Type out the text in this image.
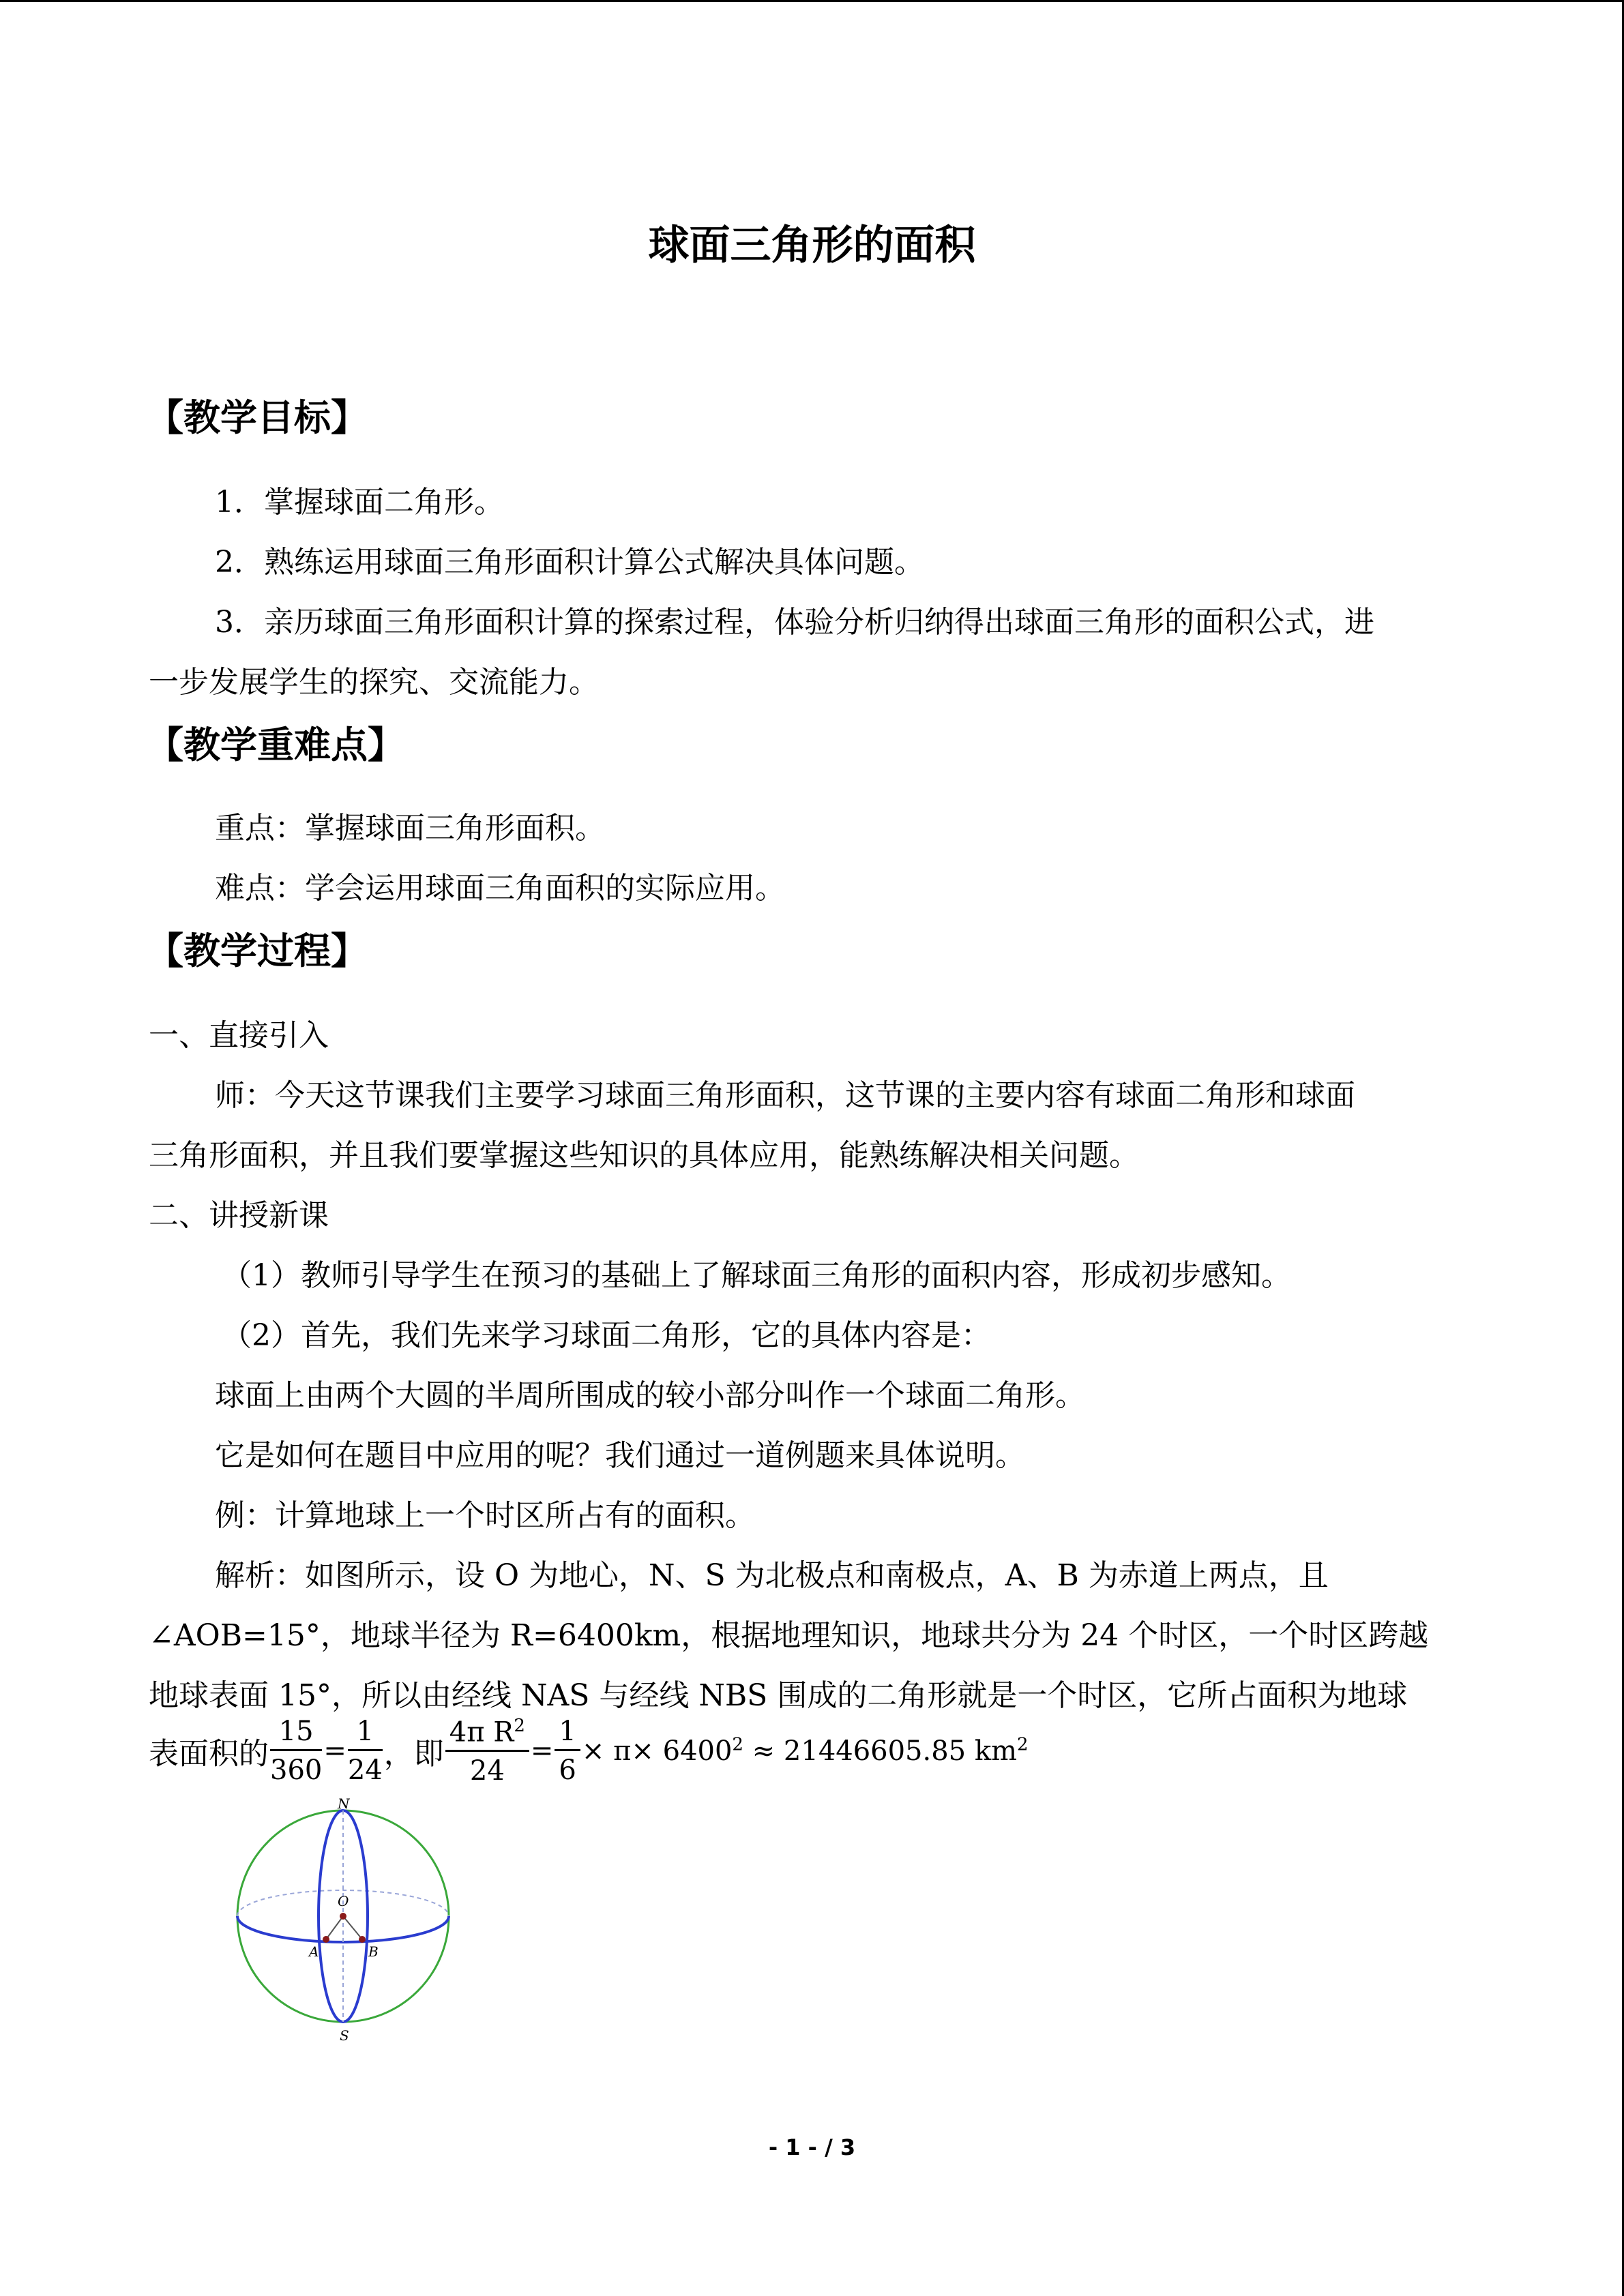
球面三角形的面积
【教学目标】
1．掌握球面二角形。
2．熟练运用球面三角形面积计算公式解决具体问题。
3．亲历球面三角形面积计算的探索过程，体验分析归纳得出球面三角形的面积公式，进
一步发展学生的探究、交流能力。
【教学重难点】
重点：掌握球面三角形面积。
难点：学会运用球面三角面积的实际应用。
【教学过程】
一、直接引入
师：今天这节课我们主要学习球面三角形面积，这节课的主要内容有球面二角形和球面
三角形面积，并且我们要掌握这些知识的具体应用，能熟练解决相关问题。
二、讲授新课
（1）教师引导学生在预习的基础上了解球面三角形的面积内容，形成初步感知。
（2）首先，我们先来学习球面二角形，它的具体内容是：
球面上由两个大圆的半周所围成的较小部分叫作一个球面二角形。
它是如何在题目中应用的呢？我们通过一道例题来具体说明。
例：计算地球上一个时区所占有的面积。
解析：如图所示，设 O 为地心，N、S 为北极点和南极点，A、B 为赤道上两点，且
∠AOB=15°，地球半径为 R=6400km，根据地理知识，地球共分为 24 个时区，一个时区跨越
地球表面 15°，所以由经线 NAS 与经线 NBS 围成的二角形就是一个时区，它所占面积为地球
表面积的 $\frac{15}{360} = \frac{1}{24}$ ，即 $\frac{4\pi R^2}{24} = \frac{1}{6} \times \pi\times 6400^2 \approx 21446605.85$ $km^2$
N
O
A	B
S
- 1 - / 3
